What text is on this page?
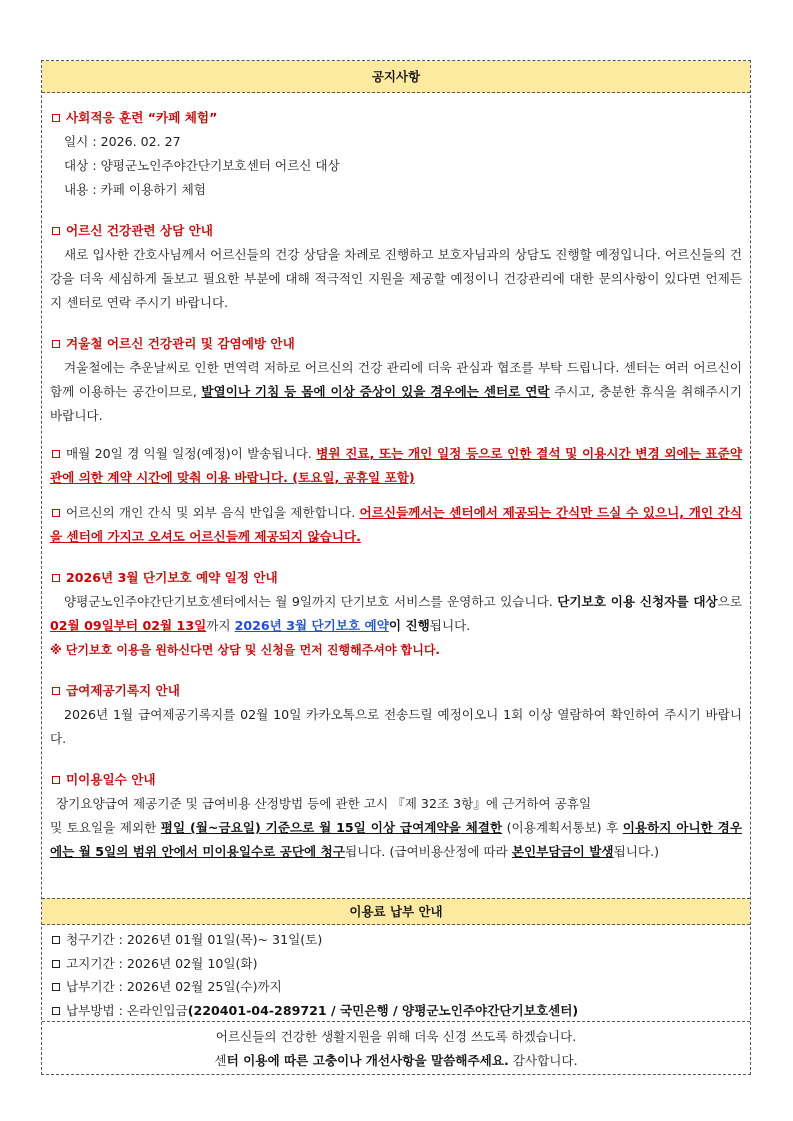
공지사항
사회적응 훈련 “카페 체험”
일시 : 2026. 02. 27
대상 : 양평군노인주야간단기보호센터 어르신 대상
내용 : 카페 이용하기 체험
어르신 건강관련 상담 안내
새로 입사한 간호사님께서 어르신들의 건강 상담을 차례로 진행하고 보호자님과의 상담도 진행할 예정입니다. 어르신들의 건강을 더욱 세심하게 돌보고 필요한 부분에 대해 적극적인 지원을 제공할 예정이니 건강관리에 대한 문의사항이 있다면 언제든지 센터로 연락 주시기 바랍니다.
겨울철 어르신 건강관리 및 감염예방 안내
겨울철에는 추운날씨로 인한 면역력 저하로 어르신의 건강 관리에 더욱 관심과 협조를 부탁 드립니다. 센터는 여러 어르신이 함께 이용하는 공간이므로, 발열이나 기침 등 몸에 이상 증상이 있을 경우에는 센터로 연락 주시고, 충분한 휴식을 취해주시기 바랍니다.
매월 20일 경 익월 일정(예정)이 발송됩니다. 병원 진료, 또는 개인 일정 등으로 인한 결석 및 이용시간 변경 외에는 표준약관에 의한 계약 시간에 맞춰 이용 바랍니다. (토요일, 공휴일 포함)
어르신의 개인 간식 및 외부 음식 반입을 제한합니다. 어르신들께서는 센터에서 제공되는 간식만 드실 수 있으니, 개인 간식을 센터에 가지고 오셔도 어르신들께 제공되지 않습니다.
2026년 3월 단기보호 예약 일정 안내
양평군노인주야간단기보호센터에서는 월 9일까지 단기보호 서비스를 운영하고 있습니다. 단기보호 이용 신청자를 대상으로 02월 09일부터 02월 13일까지 2026년 3월 단기보호 예약이 진행됩니다.
※ 단기보호 이용을 원하신다면 상담 및 신청을 먼저 진행해주셔야 합니다.
급여제공기록지 안내
2026년 1월 급여제공기록지를 02월 10일 카카오톡으로 전송드릴 예정이오니 1회 이상 열람하여 확인하여 주시기 바랍니다.
미이용일수 안내
장기요양급여 제공기준 및 급여비용 산정방법 등에 관한 고시 『제 32조 3항』에 근거하여 공휴일
및 토요일을 제외한 평일 (월~금요일) 기준으로 월 15일 이상 급여계약을 체결한 (이용계획서통보) 후 이용하지 아니한 경우에는 월 5일의 범위 안에서 미이용일수로 공단에 청구됩니다. (급여비용산정에 따라 본인부담금이 발생됩니다.)
이용료 납부 안내
청구기간 : 2026년 01월 01일(목)~ 31일(토)
고지기간 : 2026년 02월 10일(화)
납부기간 : 2026년 02월 25일(수)까지
납부방법 : 온라인입금(220401-04-289721 / 국민은행 / 양평군노인주야간단기보호센터)
어르신들의 건강한 생활지원을 위해 더욱 신경 쓰도록 하겠습니다.
센터 이용에 따른 고충이나 개선사항을 말씀해주세요. 감사합니다.
